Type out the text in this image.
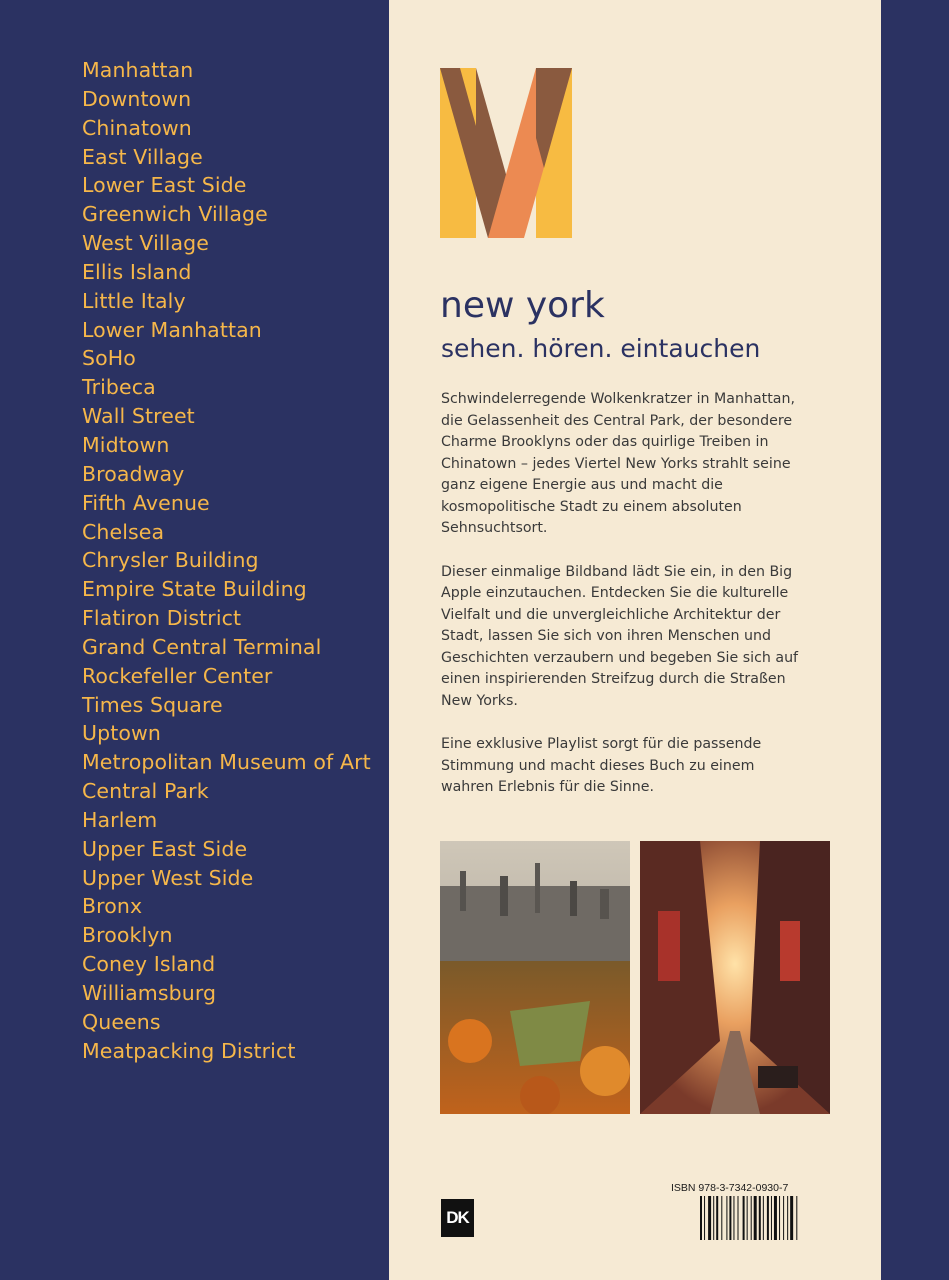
Manhattan
Downtown
Chinatown
East Village
Lower East Side
Greenwich Village
West Village
Ellis Island
Little Italy
Lower Manhattan
SoHo
Tribeca
Wall Street
Midtown
Broadway
Fifth Avenue
Chelsea
Chrysler Building
Empire State Building
Flatiron District
Grand Central Terminal
Rockefeller Center
Times Square
Uptown
Metropolitan Museum of Art
Central Park
Harlem
Upper East Side
Upper West Side
Bronx
Brooklyn
Coney Island
Williamsburg
Queens
Meatpacking District
new york
sehen. hören. eintauchen

Schwindelerregende Wolkenkratzer in Manhattan, die Gelassenheit des Central Park, der besondere Charme Brooklyns oder das quirlige Treiben in Chinatown – jedes Viertel New Yorks strahlt seine ganz eigene Energie aus und macht die kosmopolitische Stadt zu einem absoluten Sehnsuchtsort.

Dieser einmalige Bildband lädt Sie ein, in den Big Apple einzutauchen. Entdecken Sie die kulturelle Vielfalt und die unvergleichliche Architektur der Stadt, lassen Sie sich von ihren Menschen und Geschichten verzaubern und begeben Sie sich auf einen inspirierenden Streifzug durch die Straßen New Yorks.

Eine exklusive Playlist sorgt für die passende Stimmung und macht dieses Buch zu einem wahren Erlebnis für die Sinne.

ISBN 978-3-7342-0930-7
DK
